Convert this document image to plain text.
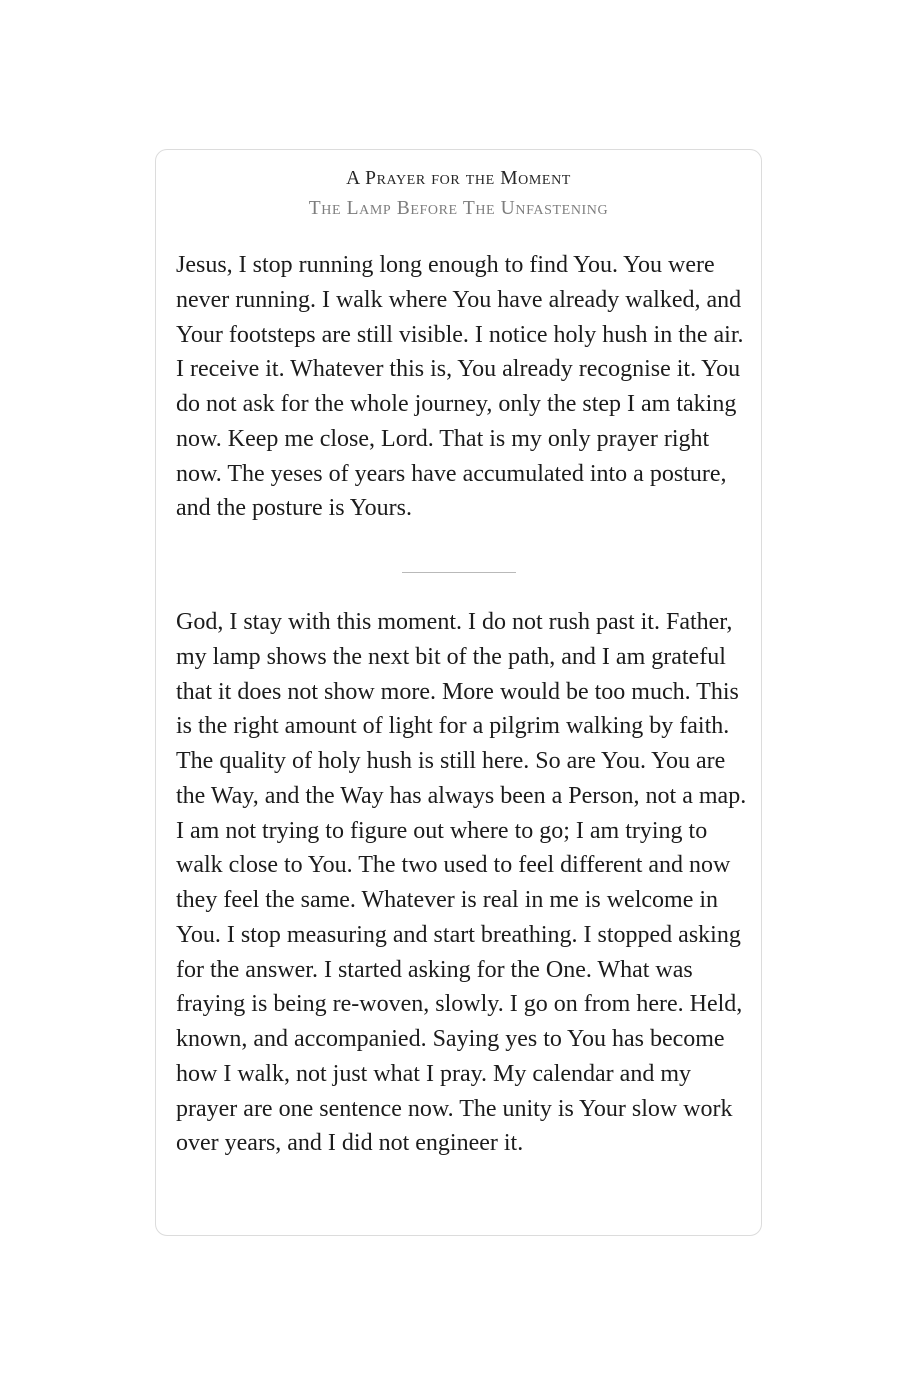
A Prayer for the Moment
The Lamp Before The Unfastening

Jesus, I stop running long enough to find You. You were never running. I walk where You have already walked, and Your footsteps are still visible. I notice holy hush in the air. I receive it. Whatever this is, You already recognise it. You do not ask for the whole journey, only the step I am taking now. Keep me close, Lord. That is my only prayer right now. The yeses of years have accumulated into a posture, and the posture is Yours.

God, I stay with this moment. I do not rush past it. Father, my lamp shows the next bit of the path, and I am grateful that it does not show more. More would be too much. This is the right amount of light for a pilgrim walking by faith. The quality of holy hush is still here. So are You. You are the Way, and the Way has always been a Person, not a map. I am not trying to figure out where to go; I am trying to walk close to You. The two used to feel different and now they feel the same. Whatever is real in me is welcome in You. I stop measuring and start breathing. I stopped asking for the answer. I started asking for the One. What was fraying is being re-woven, slowly. I go on from here. Held, known, and accompanied. Saying yes to You has become how I walk, not just what I pray. My calendar and my prayer are one sentence now. The unity is Your slow work over years, and I did not engineer it.
